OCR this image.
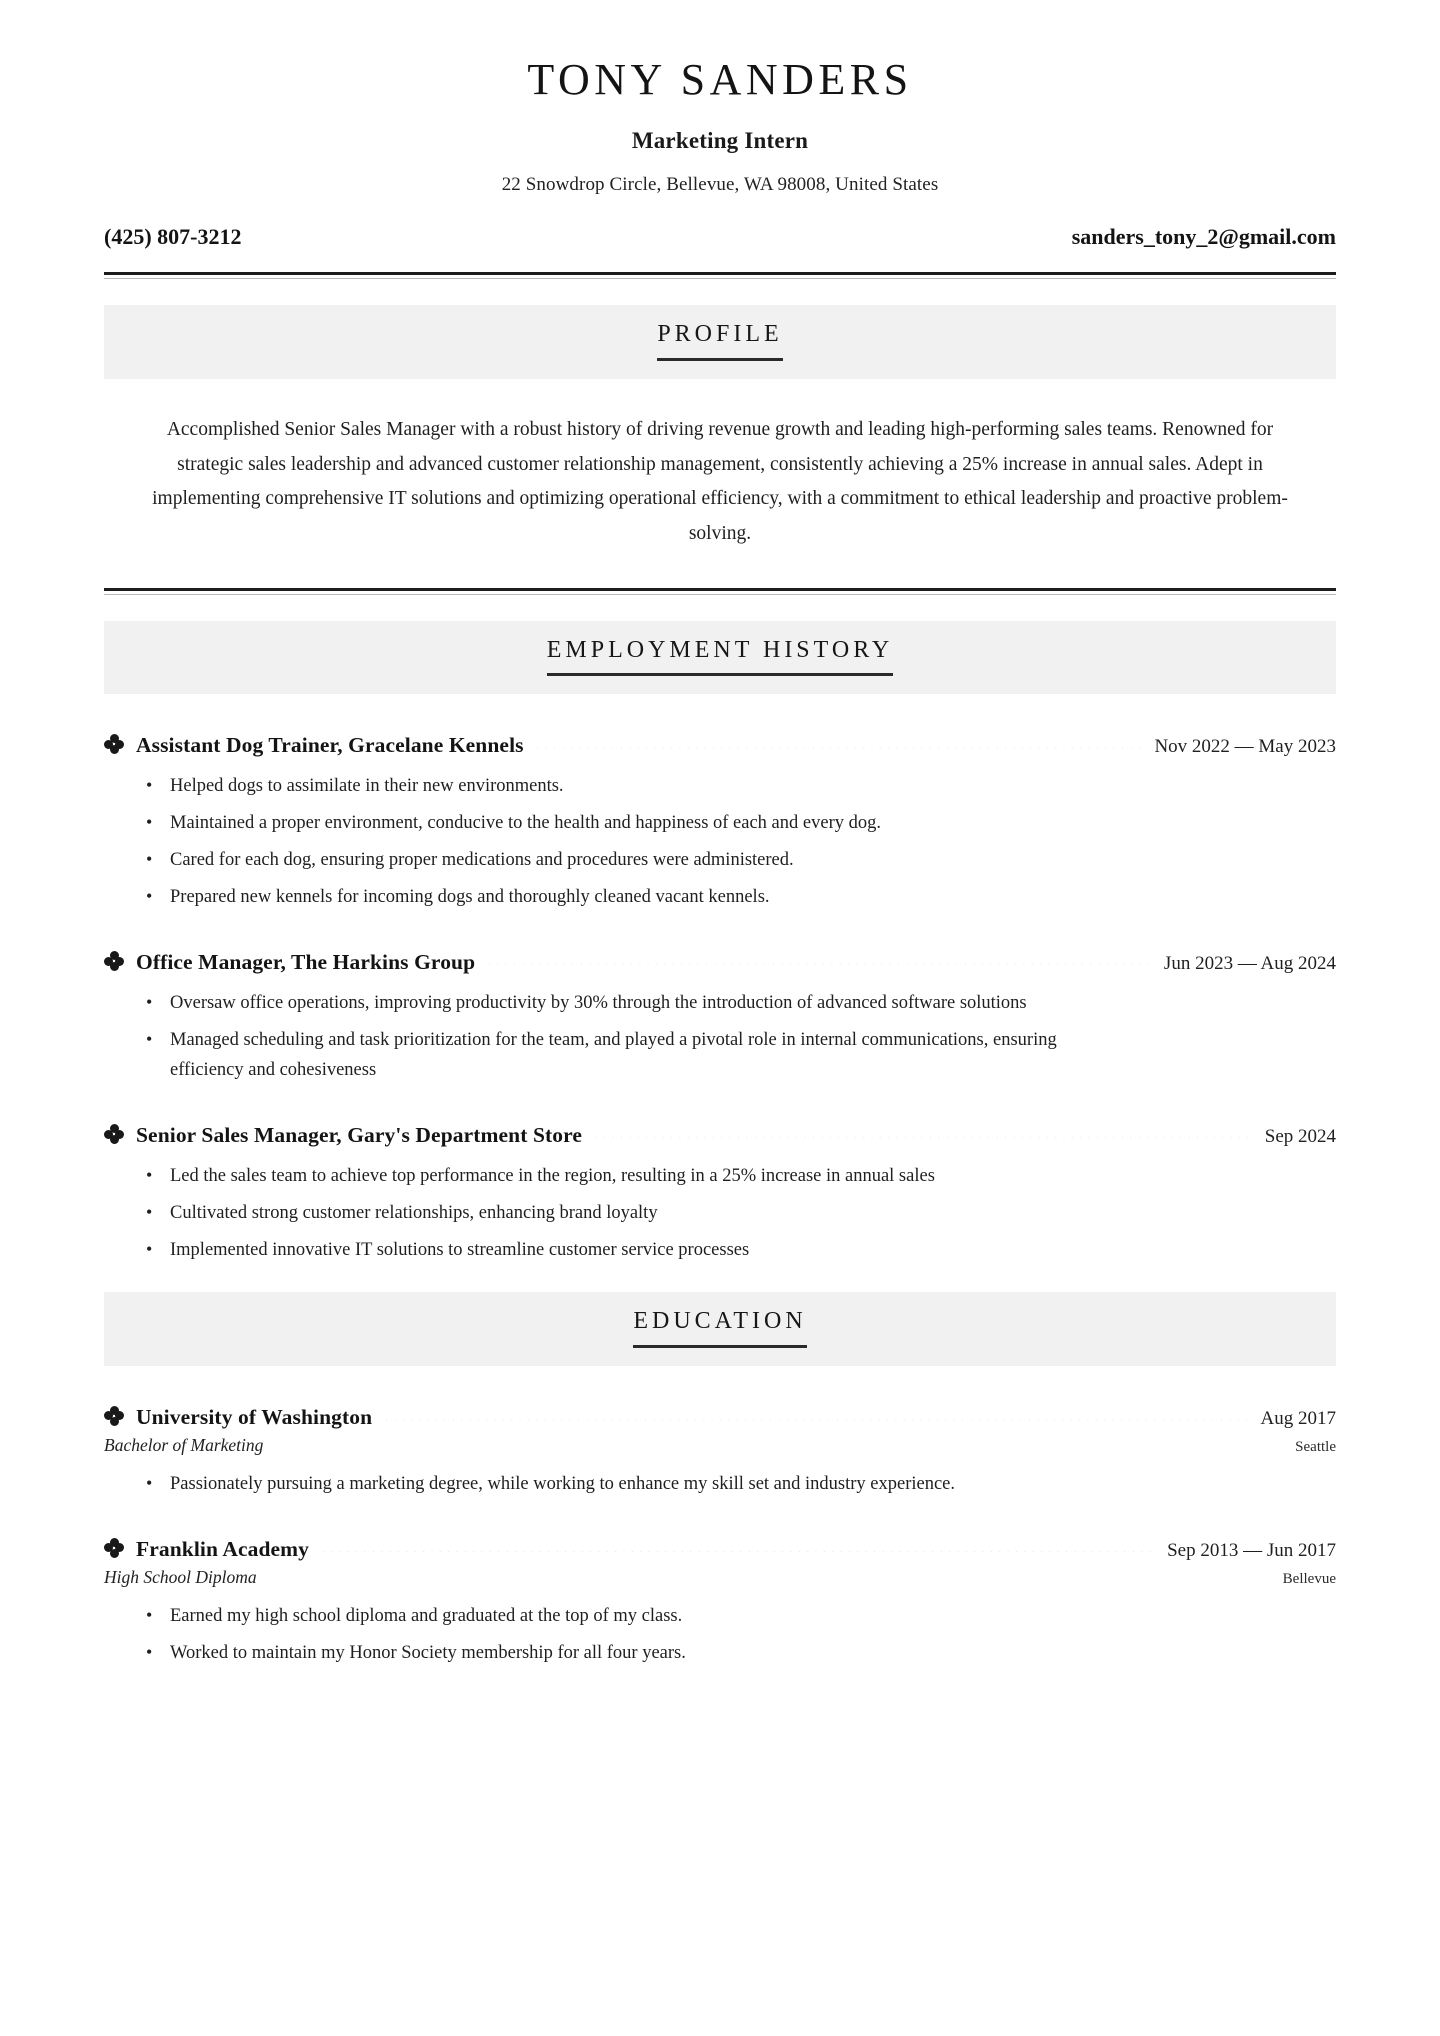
TONY SANDERS
Marketing Intern
22 Snowdrop Circle, Bellevue, WA 98008, United States
(425) 807-3212	sanders_tony_2@gmail.com
PROFILE

Accomplished Senior Sales Manager with a robust history of driving revenue growth and leading high-performing sales teams. Renowned for strategic sales leadership and advanced customer relationship management, consistently achieving a 25% increase in annual sales. Adept in implementing comprehensive IT solutions and optimizing operational efficiency, with a commitment to ethical leadership and proactive problem-solving.

EMPLOYMENT HISTORY
Assistant Dog Trainer, Gracelane Kennels .....	Nov 2022 — May 2023
• Helped dogs to assimilate in their new environments.
• Maintained a proper environment, conducive to the health and happiness of each and every dog.
• Cared for each dog, ensuring proper medications and procedures were administered.
• Prepared new kennels for incoming dogs and thoroughly cleaned vacant kennels.
Office Manager, The Harkins Group .....	Jun 2023 — Aug 2024
• Oversaw office operations, improving productivity by 30% through the introduction of advanced software solutions
• Managed scheduling and task prioritization for the team, and played a pivotal role in internal communications, ensuring efficiency and cohesiveness
Senior Sales Manager, Gary's Department Store .....	Sep 2024
• Led the sales team to achieve top performance in the region, resulting in a 25% increase in annual sales
• Cultivated strong customer relationships, enhancing brand loyalty
• Implemented innovative IT solutions to streamline customer service processes
EDUCATION
University of Washington .....	Aug 2017
Bachelor of Marketing	Seattle
• Passionately pursuing a marketing degree, while working to enhance my skill set and industry experience.
Franklin Academy .....	Sep 2013 — Jun 2017
High School Diploma	Bellevue
• Earned my high school diploma and graduated at the top of my class.
• Worked to maintain my Honor Society membership for all four years.
